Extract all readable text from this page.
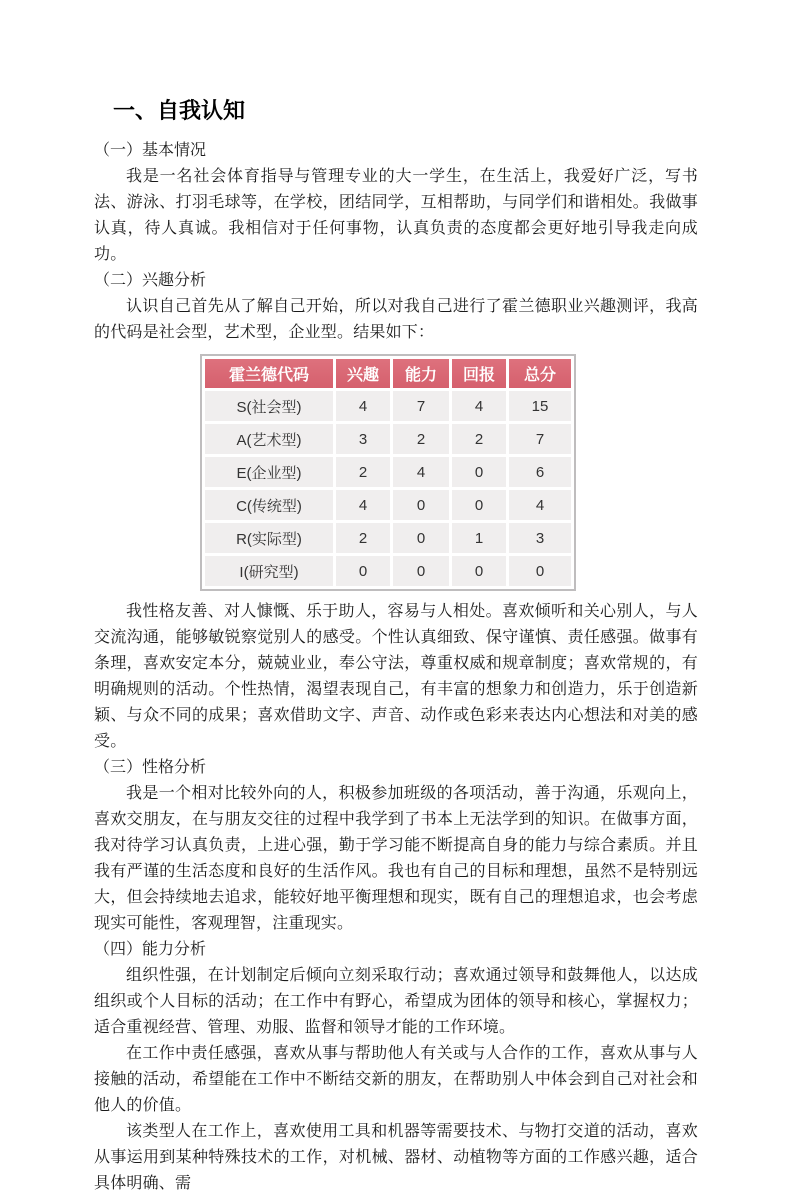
一、自我认知
（一）基本情况

我是一名社会体育指导与管理专业的大一学生，在生活上，我爱好广泛，写书法、游泳、打羽毛球等，在学校，团结同学，互相帮助，与同学们和谐相处。我做事认真，待人真诚。我相信对于任何事物，认真负责的态度都会更好地引导我走向成功。

（二）兴趣分析

认识自己首先从了解自己开始，所以对我自己进行了霍兰德职业兴趣测评，我高的代码是社会型，艺术型，企业型。结果如下：

霍兰德代码	兴趣	能力	回报	总分
S(社会型)	4	7	4	15
A(艺术型)	3	2	2	7
E(企业型)	2	4	0	6
C(传统型)	4	0	0	4
R(实际型)	2	0	1	3
I(研究型)	0	0	0	0

我性格友善、对人慷慨、乐于助人，容易与人相处。喜欢倾听和关心别人，与人交流沟通，能够敏锐察觉别人的感受。个性认真细致、保守谨慎、责任感强。做事有条理，喜欢安定本分，兢兢业业，奉公守法，尊重权威和规章制度；喜欢常规的，有明确规则的活动。个性热情，渴望表现自己，有丰富的想象力和创造力，乐于创造新颖、与众不同的成果；喜欢借助文字、声音、动作或色彩来表达内心想法和对美的感受。

（三）性格分析

我是一个相对比较外向的人，积极参加班级的各项活动，善于沟通，乐观向上，喜欢交朋友，在与朋友交往的过程中我学到了书本上无法学到的知识。在做事方面，我对待学习认真负责，上进心强，勤于学习能不断提高自身的能力与综合素质。并且我有严谨的生活态度和良好的生活作风。我也有自己的目标和理想，虽然不是特别远大，但会持续地去追求，能较好地平衡理想和现实，既有自己的理想追求，也会考虑现实可能性，客观理智，注重现实。

（四）能力分析

组织性强，在计划制定后倾向立刻采取行动；喜欢通过领导和鼓舞他人，以达成组织或个人目标的活动；在工作中有野心，希望成为团体的领导和核心，掌握权力；适合重视经营、管理、劝服、监督和领导才能的工作环境。

在工作中责任感强，喜欢从事与帮助他人有关或与人合作的工作，喜欢从事与人接触的活动，希望能在工作中不断结交新的朋友，在帮助别人中体会到自己对社会和他人的价值。

该类型人在工作上，喜欢使用工具和机器等需要技术、与物打交道的活动，喜欢从事运用到某种特殊技术的工作，对机械、器材、动植物等方面的工作感兴趣，适合具体明确、需
